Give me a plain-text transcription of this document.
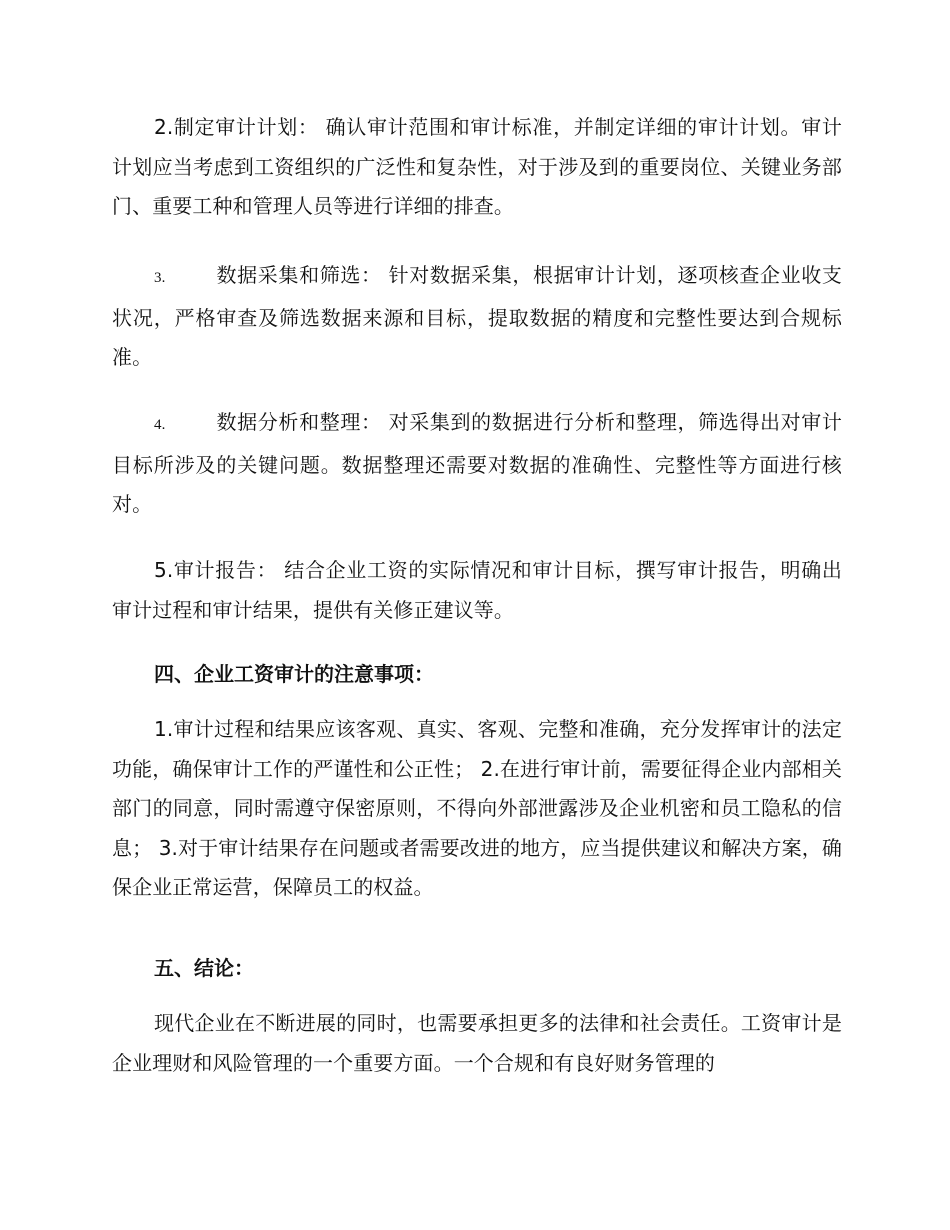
2.制定审计计划： 确认审计范围和审计标准，并制定详细的审计计划。审计计划应当考虑到工资组织的广泛性和复杂性，对于涉及到的重要岗位、关键业务部门、重要工种和管理人员等进行详细的排查。

3.	数据采集和筛选： 针对数据采集，根据审计计划，逐项核查企业收支状况，严格审查及筛选数据来源和目标，提取数据的精度和完整性要达到合规标准。

4.	数据分析和整理： 对采集到的数据进行分析和整理，筛选得出对审计目标所涉及的关键问题。数据整理还需要对数据的准确性、完整性等方面进行核对。

5.审计报告： 结合企业工资的实际情况和审计目标，撰写审计报告，明确出审计过程和审计结果，提供有关修正建议等。

四、企业工资审计的注意事项：

1.审计过程和结果应该客观、真实、客观、完整和准确，充分发挥审计的法定功能，确保审计工作的严谨性和公正性； 2.在进行审计前，需要征得企业内部相关部门的同意，同时需遵守保密原则，不得向外部泄露涉及企业机密和员工隐私的信息； 3.对于审计结果存在问题或者需要改进的地方，应当提供建议和解决方案，确保企业正常运营，保障员工的权益。

五、结论：

现代企业在不断进展的同时，也需要承担更多的法律和社会责任。工资审计是企业理财和风险管理的一个重要方面。一个合规和有良好财务管理的
